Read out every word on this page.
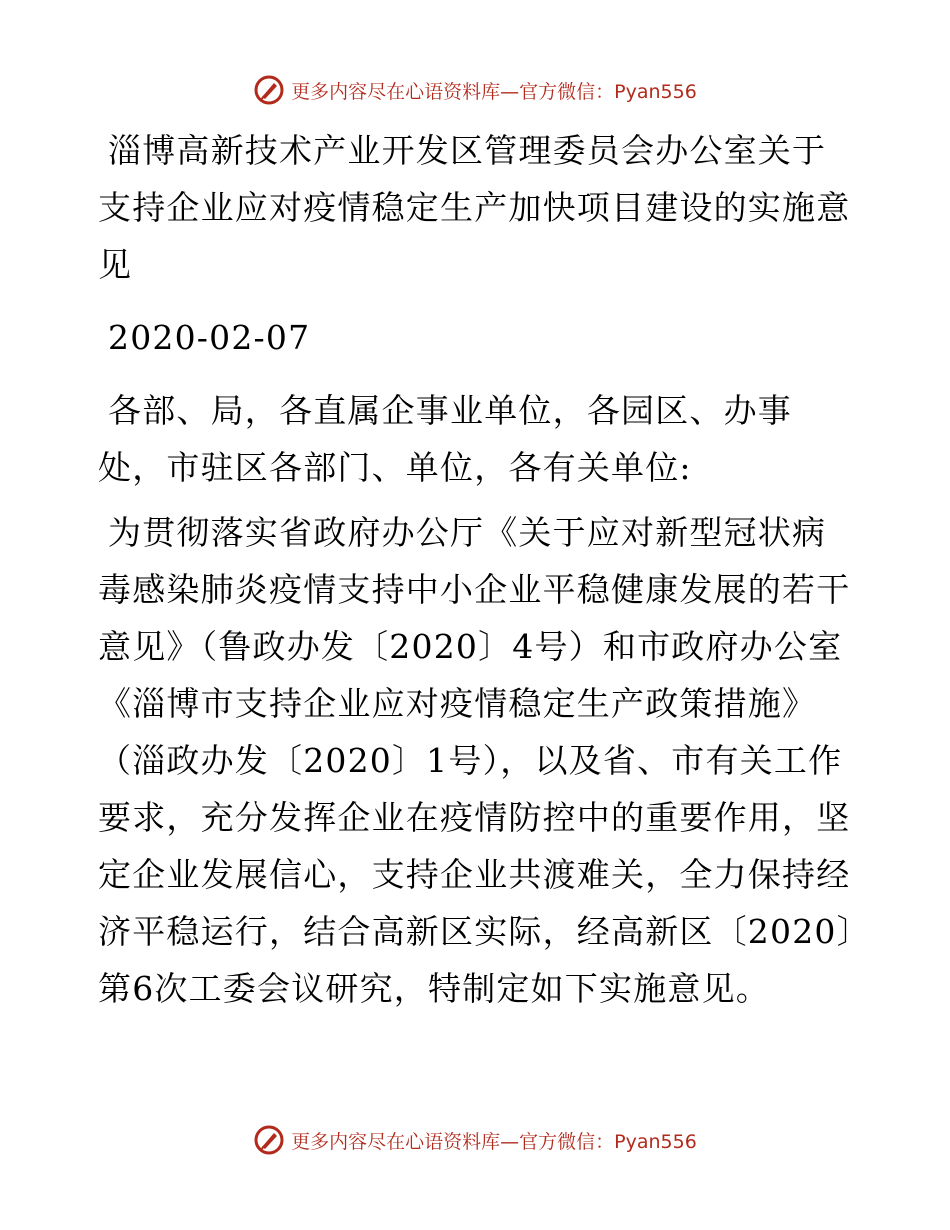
更多内容尽在心语资料库—官方微信：Pyan556
淄博高新技术产业开发区管理委员会办公室关于
支持企业应对疫情稳定生产加快项目建设的实施意
见
2020-02-07
各部、局，各直属企事业单位，各园区、办事
处，市驻区各部门、单位，各有关单位:
为贯彻落实省政府办公厅《关于应对新型冠状病
毒感染肺炎疫情支持中小企业平稳健康发展的若干
意见》（鲁政办发〔2020〕4号）和市政府办公室
《淄博市支持企业应对疫情稳定生产政策措施》
（淄政办发〔2020〕1号），以及省、市有关工作
要求，充分发挥企业在疫情防控中的重要作用，坚
定企业发展信心，支持企业共渡难关，全力保持经
济平稳运行，结合高新区实际，经高新区〔2020〕
第6次工委会议研究，特制定如下实施意见。
更多内容尽在心语资料库—官方微信：Pyan556
